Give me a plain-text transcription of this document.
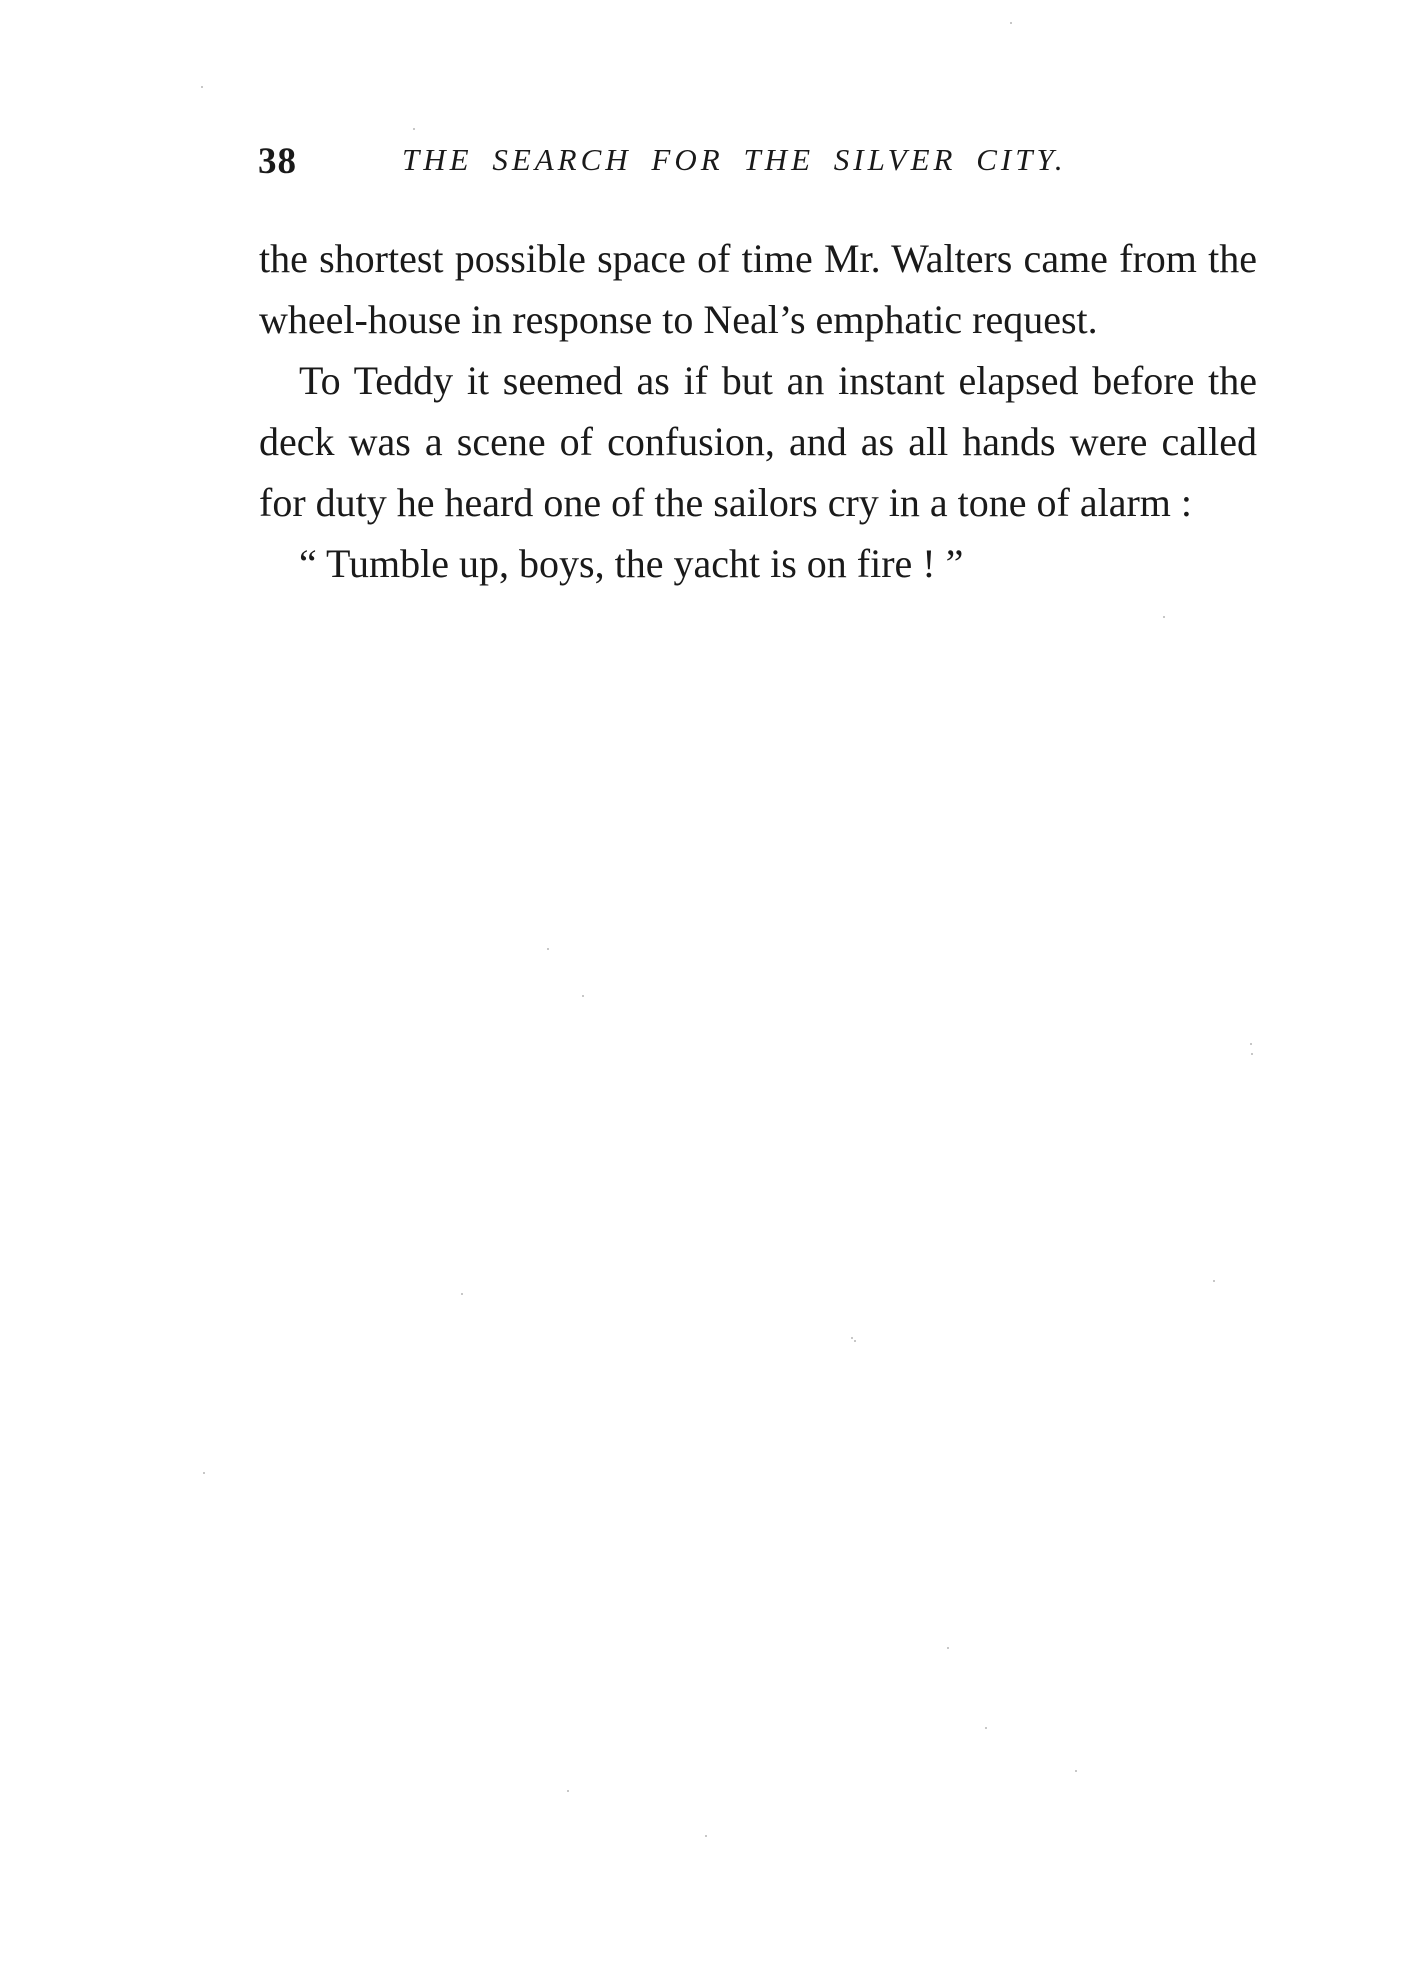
38	THE SEARCH FOR THE SILVER CITY.

the shortest possible space of time Mr. Walters came from the wheel-house in response to Neal’s emphatic request.

To Teddy it seemed as if but an instant elapsed before the deck was a scene of confusion, and as all hands were called for duty he heard one of the sailors cry in a tone of alarm :

“ Tumble up, boys, the yacht is on fire ! ”
